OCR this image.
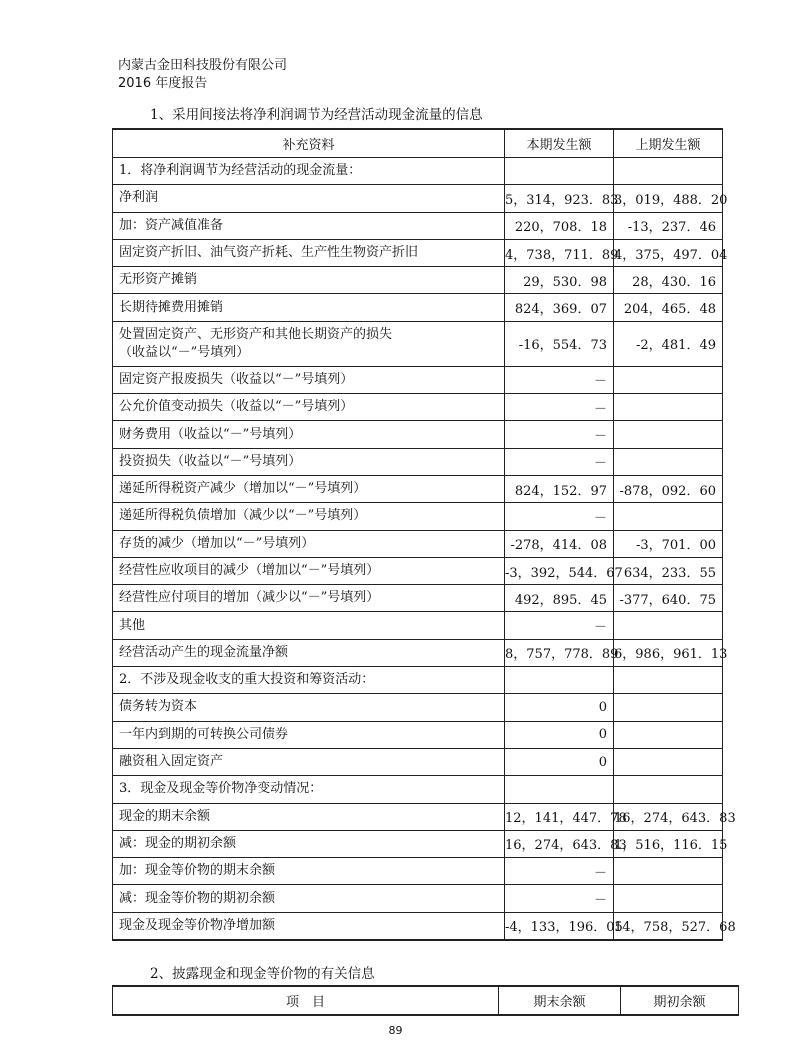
内蒙古金田科技股份有限公司
2016 年度报告
1、采用间接法将净利润调节为经营活动现金流量的信息
补充资料	本期发生额	上期发生额
1．将净利润调节为经营活动的现金流量：		
净利润	5，314，923．83	3，019，488．20
加：资产减值准备	220，708．18	-13，237．46
固定资产折旧、油气资产折耗、生产性生物资产折旧	4，738，711．89	4，375，497．04
无形资产摊销	29，530．98	28，430．16
长期待摊费用摊销	824，369．07	204，465．48
处置固定资产、无形资产和其他长期资产的损失
（收益以“－”号填列）	-16，554．73	-2，481．49
固定资产报废损失（收益以“－”号填列）	－	
公允价值变动损失（收益以“－”号填列）	－	
财务费用（收益以“－”号填列）	－	
投资损失（收益以“－”号填列）	－	
递延所得税资产减少（增加以“－”号填列）	824，152．97	-878，092．60
递延所得税负债增加（减少以“－”号填列）	－	
存货的减少（增加以“－”号填列）	-278，414．08	-3，701．00
经营性应收项目的减少（增加以“－”号填列）	-3，392，544．67	634，233．55
经营性应付项目的增加（减少以“－”号填列）	492，895．45	-377，640．75
其他	－	
经营活动产生的现金流量净额	8，757，778．89	6，986，961．13
2．不涉及现金收支的重大投资和筹资活动：		
债务转为资本	0	
一年内到期的可转换公司债券	0	
融资租入固定资产	0	
3．现金及现金等价物净变动情况：		
现金的期末余额	12，141，447．78	16，274，643．83
减：现金的期初余额	16，274，643．83	1，516，116．15
加：现金等价物的期末余额	－	
减：现金等价物的期初余额	－	
现金及现金等价物净增加额	-4，133，196．05	14，758，527．68
2、披露现金和现金等价物的有关信息
项　目	期末余额	期初余额
89
